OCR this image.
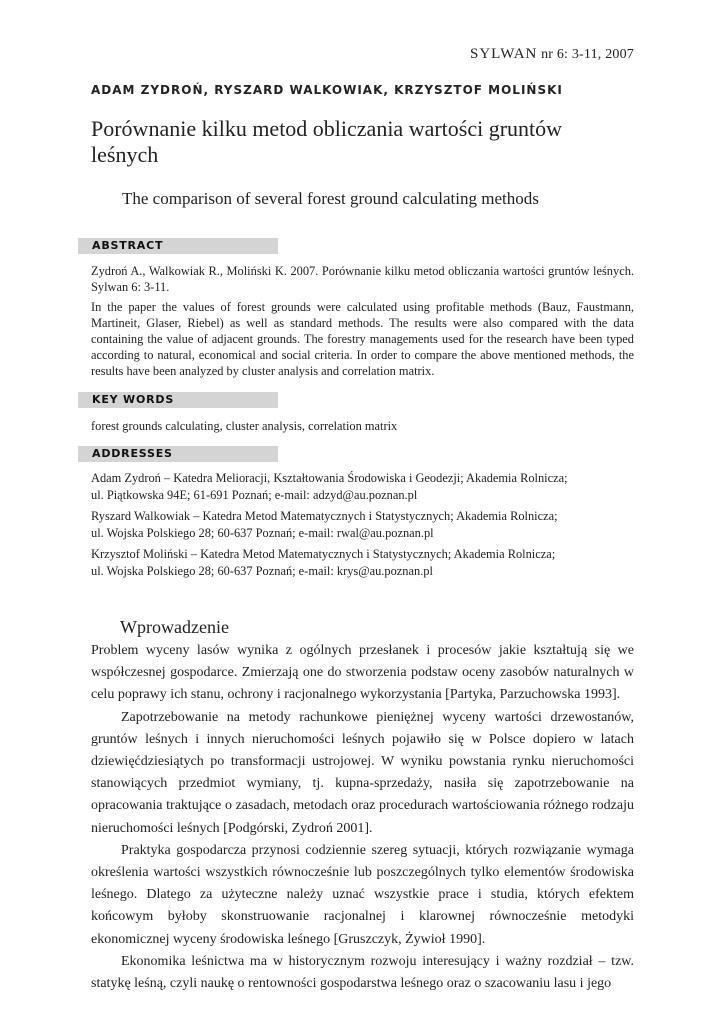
SYLWAN nr 6: 3-11, 2007
ADAM ZYDROŃ, RYSZARD WALKOWIAK, KRZYSZTOF MOLIŃSKI
Porównanie kilku metod obliczania wartości gruntów leśnych
The comparison of several forest ground calculating methods
ABSTRACT
Zydroń A., Walkowiak R., Moliński K. 2007. Porównanie kilku metod obliczania wartości gruntów leśnych. Sylwan 6: 3-11.
In the paper the values of forest grounds were calculated using profitable methods (Bauz, Faustmann, Martineit, Glaser, Riebel) as well as standard methods. The results were also compared with the data containing the value of adjacent grounds. The forestry managements used for the research have been typed according to natural, economical and social criteria. In order to compare the above mentioned methods, the results have been analyzed by cluster analysis and correlation matrix.
KEY WORDS
forest grounds calculating, cluster analysis, correlation matrix
ADDRESSES
Adam Zydroń – Katedra Melioracji, Kształtowania Środowiska i Geodezji; Akademia Rolnicza;
ul. Piątkowska 94E; 61-691 Poznań; e-mail: adzyd@au.poznan.pl
Ryszard Walkowiak – Katedra Metod Matematycznych i Statystycznych; Akademia Rolnicza;
ul. Wojska Polskiego 28; 60-637 Poznań; e-mail: rwal@au.poznan.pl
Krzysztof Moliński – Katedra Metod Matematycznych i Statystycznych; Akademia Rolnicza;
ul. Wojska Polskiego 28; 60-637 Poznań; e-mail: krys@au.poznan.pl
Wprowadzenie

Problem wyceny lasów wynika z ogólnych przesłanek i procesów jakie kształtują się we współczesnej gospodarce. Zmierzają one do stworzenia podstaw oceny zasobów naturalnych w celu poprawy ich stanu, ochrony i racjonalnego wykorzystania [Partyka, Parzuchowska 1993].

Zapotrzebowanie na metody rachunkowe pieniężnej wyceny wartości drzewostanów, gruntów leśnych i innych nieruchomości leśnych pojawiło się w Polsce dopiero w latach dziewięćdziesiątych po transformacji ustrojowej. W wyniku powstania rynku nieruchomości stanowiących przedmiot wymiany, tj. kupna-sprzedaży, nasiła się zapotrzebowanie na opracowania traktujące o zasadach, metodach oraz procedurach wartościowania różnego rodzaju nieruchomości leśnych [Podgórski, Zydroń 2001].

Praktyka gospodarcza przynosi codziennie szereg sytuacji, których rozwiązanie wymaga określenia wartości wszystkich równocześnie lub poszczególnych tylko elementów środowiska leśnego. Dlatego za użyteczne należy uznać wszystkie prace i studia, których efektem końcowym byłoby skonstruowanie racjonalnej i klarownej równocześnie metodyki ekonomicznej wyceny środowiska leśnego [Gruszczyk, Żywioł 1990].

Ekonomika leśnictwa ma w historycznym rozwoju interesujący i ważny rozdział – tzw. statykę leśną, czyli naukę o rentowności gospodarstwa leśnego oraz o szacowaniu lasu i jego
